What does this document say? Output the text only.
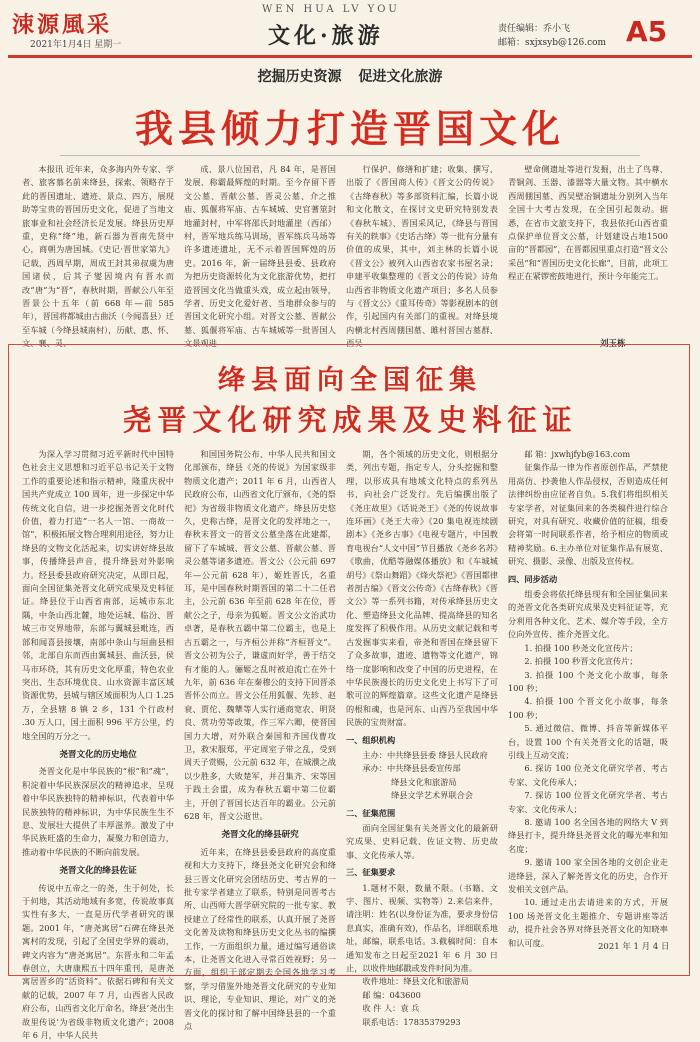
涑源風采
2021年1月4日 星期一
WEN HUA LV YOU
文化·旅游	责任编辑：乔小飞
邮箱：sxjxsyb@126.com A5
挖掘历史资源 促进文化旅游
我县倾力打造晋国文化

本报讯 近年来，众多海内外专家、学者、旅客慕名前来绛县，探索、领略存于此的晋国遗址、遗迹、景点、四方，展现助等宝贵的晋国历史文化，促进了当地文旅事业和社会经济长足发展。绛县历史厚重，史称“绛”地，新石器为晋南先贤中心，商朝为唐国城。《史记·晋世家第九》记载，西周早期，周成王封其弟叔虞为唐国诸侯，后其子燮因境内有晋水而改“唐”为“晋”，春秋时期，晋献公八年至晋景公十五年（前 668 年—前 585 年），晋国将都城由古曲沃（今闻喜县）迁至车城（今绛县城南村），历献、惠、怀、文、襄、灵、

成、景八位国君，凡 84 年，是晋国发展、称霸最辉煌的时期。至今存留下晋文公墓、晋献公墓、晋灵公墓、介之推庙、狐偃将军庙、古车城城、史官蓍筮封地灌封村，中军将邵氏封地灌崖（西邰）村，晋军地兵练马训场，晋军练兵马场等许多遗迹遗址，无不示着晋国辉煌的历史。2016 年，新一届绛县县委、县政府为把历史资源转化为文化旅游优势，把打造晋国文化当做重头戏，成立起由领导，学者、历史文化爱好者、当地群众参与的晋国文化研究小组。对晋文公墓、晋献公墓、狐偃将军庙、古车城城等一批晋国人文景观进

行保护、修缮和扩建；收集、撰写、出版了《晋国商人传》《晋文公的传说》《古绛春秋》等多部资料汇编，长篇小说和文化散文，在探讨文史研究特别发表《春秋车城》、晋国采风记，《绛县与晋国有关的轶事》《史话古绛》等一批有分量有价值的成果，其中，刘主林的长篇小说《晋文公》被列入山西省农家书屋名录；申建平收集整理的《晋文公的传说》诗角山西省非物质文化遗产项目；多名人员参与《晋文公》《重耳传奇》等影视剧本的创作，引起国内有关部门的重视。对绛县境内横北村西周倗国墓、雎村晋国古墓群、西吴

壁命侧遗址等进行发掘，出土了鸟尊、青铜剑、玉器、漆器等大量文物。其中横水西周倗国墓、西吴壁冶铜遗址分别列入当年全国十大考古发现，在全国引起轰动。据悉，在省市文旅支持下，我县依托山西省重点保护单位晋文公墓，计划建设占地1500 亩的“晋都园”，在晋都园里重点打造“晋文公采邑”和“晋国历史文化长廊”，目前，此项工程正在紧锣密鼓地进行，预计今年能完工。

刘玉栋
绛县面向全国征集
尧晋文化研究成果及史料征证

为深入学习贯彻习近平新时代中国特色社会主义思想和习近平总书记关于文物工作的重要论述和指示精神，隆重庆祝中国共产党成立 100 周年，进一步探定中华传统文化自信，进一步挖掘尧晋文化时代价值，着力打造“一名人一馆、一商故一馆”，积极拓展文物合理利用途径，努力让绛县的文物文化活起来，切实讲好绛县故事，传播绛县声音，提升绛县对外影响力。经县委县政府研究决定，从即日起，面向全国征集尧晋文化研究成果及史料征证。绛县位于山西省南部，运城市东北隅，中条山西北麓，地处运城、临汾、晋城三市交界地带，东部与翼城县毗连，西部和闻喜县接壤，南部中条山与垣曲县相邻，北部自东而西由翼城县、曲沃县，侯马市环绕，其有历史文化厚重，特色农业突出、生态环境优良、山水资源丰富区域资源优势，县城与辖区域面积为人口 1.25万，全县辖 8 镇 2 乡，131 个行政村 .30 万人口，国土面积 996 平方公里，约地全国的万分之一。

尧晋文化的历史地位

尧晋文化是中华民族的“根”和“魂”，积淀着中华民族深层次的精神追求，呈现着中华民族独特的精神标识，代表着中华民族独特的精神标识，为中华民族生生不息、发展壮大提供了丰厚滋养。激发了中华民族旺盛的生命力，凝聚力和创造力，推动着中华民族的不断向前发展。

尧晋文化的绛县佐证

传说中五帝之一的尧，生于何处，长于何地，其活动地域有多宽，传说故事真实性有多大，一直是历代学者研究的课题。2001 年，“唐尧寓居”石碑在绛县尧寓村的发现，引起了全国史学界的震动，碑文内容为“唐尧寓居”。东晋永和二年孟春创立，大唐康熙五十四年重刊，是唐尧寓居晋乡的“活资料”。依据石碑和有关文献的记载，2007 年 7 月，山西省人民政府公布，山西省文化厅命名，绛县‘尧出生故里传说’为省级非物质文化遗产；2008 年 6 月，中华人民共

和国国务院公布、中华人民共和国文化部颁布，绛县《尧的传说》为国家级非物质文化遗产；2011 年 6 月，山西省人民政府公布，山西省文化厅颁布，《尧的祭祀》为省级非物质文化遗产。绛县历史悠久，史称古绛，是晋文化的发祥地之一，春秋末晋文一的晋文公墓坐落在此建都，留下了车城城、晋文公墓、晋献公墓、晋灵公墓等诸多遗迹。晋文公（公元前 697 年—公元前 628 年），姬姓晋氏，名重耳，是中国春秋时期晋国的第二十二任君主，公元前 636 年至前 628 年在位，晋献公之子，母亲为狐姬。晋文公文治武功卓著，是春秋五霸中第二位霸主，也是上古五霸之一，与齐桓公并称“齐桓晋文”。晋文公初为公子，谦虚而好学，善于结交有才能的人。骊姬之乱时被迫流亡在外十九年，前 636 年在秦穆公的支持下回晋杀晋怀公而立。晋文公任用狐偃、先轸、赵衰、贾佗、魏犨等人实行通商宽农、明贤良、赏功劳等政策，作三军六卿，使晋国国力大增，对外联合秦国和齐国伐曹攻卫，救宋服郑，平定周室子带之乱，受到周天子赏赐，公元前 632 年，在城濮之战以少胜多，大败楚军，并召集齐、宋等国于践土会盟，成为春秋五霸中第二位霸主，开创了晋国长达百年的霸业。公元前 628 年，晋文公逝世。

尧晋文化的绛县研究

近年来，在绛县县委县政府的高度重视和大力支持下，绛县尧文化研究会和绛县三晋文化研究会团结历史、考古界的一批专家学者建立了联系，特别是同晋考古所、山西师大晋学研究院的一批专家、教授建立了经常性的联系，认真开展了尧晋文化普及读物和绛县历史文化丛书的编撰工作，一方面组织力量，通过编写通俗读本，让尧晋文化进入寻常百姓视野；另一方面，组织干部定期去全国各地学习考察，学习借鉴外地尧晋文化研究的专业知识、理论，专业知识、理论，对广义的尧晋文化的探讨和了解中国绛县县的一个重点

期，各个领域的历史文化，则根据分类，列出专题，指定专人，分头挖掘和整理，以形成具有地域文化特点的系列丛书，向社会广泛发行。先后编撰出版了《尧庄故里》《话说尧王》《尧的传说故事连环画》《尧王大帝》《20 集电视连续剧剧本》《尧乡古事》《电视专题片，中国教育电视台“人文中国”节目播放《尧乡名苏》《歌曲，优酷等融媒体播放》和《车城城胡号》《祭山舞蹈》《烽火祭祀》《晋国都律者剖古编》《晋文公传奇》《古绛春秋》《晋文公》等一系列书籍，对传承绛县历史文化、塑造绛县文化品牌、提高绛县的知名度发挥了积极作用。从历史文献记载和考古发掘事实来看，帝尧和晋国在绛县留下了众多故事，遗迹、遗物等文化遗产，锦络一度影响和改变了中国的历史进程，在中华民族漫长的历史文化史上书写下了可歌可泣的辉煌篇章。这些文化遗产是绛县的根和魂，也是河东、山西乃至我国中华民族的宝贵财富。

一、组织机构
主办：中共绛县县委 绛县人民政府
承办：中共绛县县委宣传部
绛县文化和旅游局
绛县文学艺术界联合会
二、征集范围

面向全国征集有关尧晋文化的最新研究成果、史料记载、佐证文物、历史故事、文化传承人等。

三、征集要求

1.题材不限，数量不限。（书籍、文字、图片、视频、实物等）2.来信来件，请注明：姓名(以身份证为准，要求身份信息真实，准确有效)，作品名，详细联系地址，邮编，联系电话。3.截稿时间：自本通知发布之日起至2021 年 6 月 30 日止，以收件地邮戳或发件时间为准。

收件地址：绛县文化和旅游局
邮 编：043600
收 件 人：袁 兵
联系电话：17835379293
邮 箱：jxwhjfyb@163.com

征集作品一律为作者原创作品，严禁使用高仿、抄袭他人作品侵权，否则造成任何法律纠纷由应征者自负。5.我们将组织相关专家学者，对征集回来的各类稿件进行综合研究，对具有研究、收藏价值的征稿，组委会将第一时间联系作者，给予相应的物质或精神奖励。6.主办单位对征集作品有展览、研究、摄影、录像、出版及宣传权。

四、同步活动

组委会将依托绛县现有和全国征集回来的尧晋文化各类研究成果及史料征证等，充分利用各种文化、艺术、媒介等手段，全方位向外宣传、推介尧晋文化。

1. 拍摄 100 秒尧文化宣传片；

2. 拍摄 100 秒晋文化宣传片；

3. 拍摄 100 个尧文化小故事，每条100 秒；

4. 拍摄 100 个晋文化小故事，每条100 秒；

5. 通过微信、微博、抖音等新媒体平台，设置 100 个有关尧晋文化的话题，吸引线上互动交流；

6. 探访 100 位尧文化研究学者、考古专家、文化传承人；

7. 探访 100 位晋文化研究学者、考古专家、文化传承人；

8. 邀请 100 名全国各地的网络大 V 到绛县打卡，提升绛县尧晋文化的曝光率和知名度；

9. 邀请 100 家全国各地的文创企业走进绛县，深入了解尧晋文化的历史，合作开发相关文创产品。

10. 通过走出去请进来的方式，开展 100 场尧晋文化主题推介、专题讲座等活动，提升社会各界对绛县尧晋文化的知晓率和认可度。	2021 年 1 月 4 日
